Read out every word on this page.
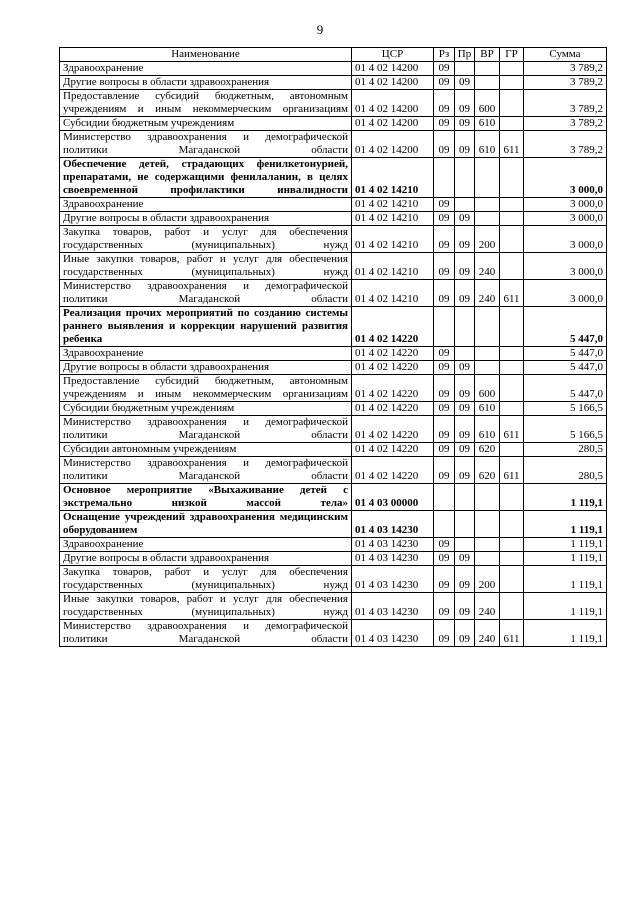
9
Наименование	ЦСР	Рз	Пр	ВР	ГР	Сумма
Здравоохранение	01 4 02 14200	09				3 789,2
Другие вопросы в области здравоохранения	01 4 02 14200	09	09			3 789,2
Предоставление субсидий бюджетным, автономным учреждениям и иным некоммерческим организациям	01 4 02 14200	09	09	600		3 789,2
Субсидии бюджетным учреждениям	01 4 02 14200	09	09	610		3 789,2
Министерство здравоохранения и демографической политики Магаданской области	01 4 02 14200	09	09	610	611	3 789,2
Обеспечение детей, страдающих фенилкетонурией, препаратами, не содержащими фенилаланин, в целях своевременной профилактики инвалидности	01 4 02 14210					3 000,0
Здравоохранение	01 4 02 14210	09				3 000,0
Другие вопросы в области здравоохранения	01 4 02 14210	09	09			3 000,0
Закупка товаров, работ и услуг для обеспечения государственных (муниципальных) нужд	01 4 02 14210	09	09	200		3 000,0
Иные закупки товаров, работ и услуг для обеспечения государственных (муниципальных) нужд	01 4 02 14210	09	09	240		3 000,0
Министерство здравоохранения и демографической политики Магаданской области	01 4 02 14210	09	09	240	611	3 000,0
Реализация прочих мероприятий по созданию системы раннего выявления и коррекции нарушений развития ребенка	01 4 02 14220					5 447,0
Здравоохранение	01 4 02 14220	09				5 447,0
Другие вопросы в области здравоохранения	01 4 02 14220	09	09			5 447,0
Предоставление субсидий бюджетным, автономным учреждениям и иным некоммерческим организациям	01 4 02 14220	09	09	600		5 447,0
Субсидии бюджетным учреждениям	01 4 02 14220	09	09	610		5 166,5
Министерство здравоохранения и демографической политики Магаданской области	01 4 02 14220	09	09	610	611	5 166,5
Субсидии автономным учреждениям	01 4 02 14220	09	09	620		280,5
Министерство здравоохранения и демографической политики Магаданской области	01 4 02 14220	09	09	620	611	280,5
Основное мероприятие «Выхаживание детей с экстремально низкой массой тела»	01 4 03 00000					1 119,1
Оснащение учреждений здравоохранения медицинским оборудованием	01 4 03 14230					1 119,1
Здравоохранение	01 4 03 14230	09				1 119,1
Другие вопросы в области здравоохранения	01 4 03 14230	09	09			1 119,1
Закупка товаров, работ и услуг для обеспечения государственных (муниципальных) нужд	01 4 03 14230	09	09	200		1 119,1
Иные закупки товаров, работ и услуг для обеспечения государственных (муниципальных) нужд	01 4 03 14230	09	09	240		1 119,1
Министерство здравоохранения и демографической политики Магаданской области	01 4 03 14230	09	09	240	611	1 119,1
